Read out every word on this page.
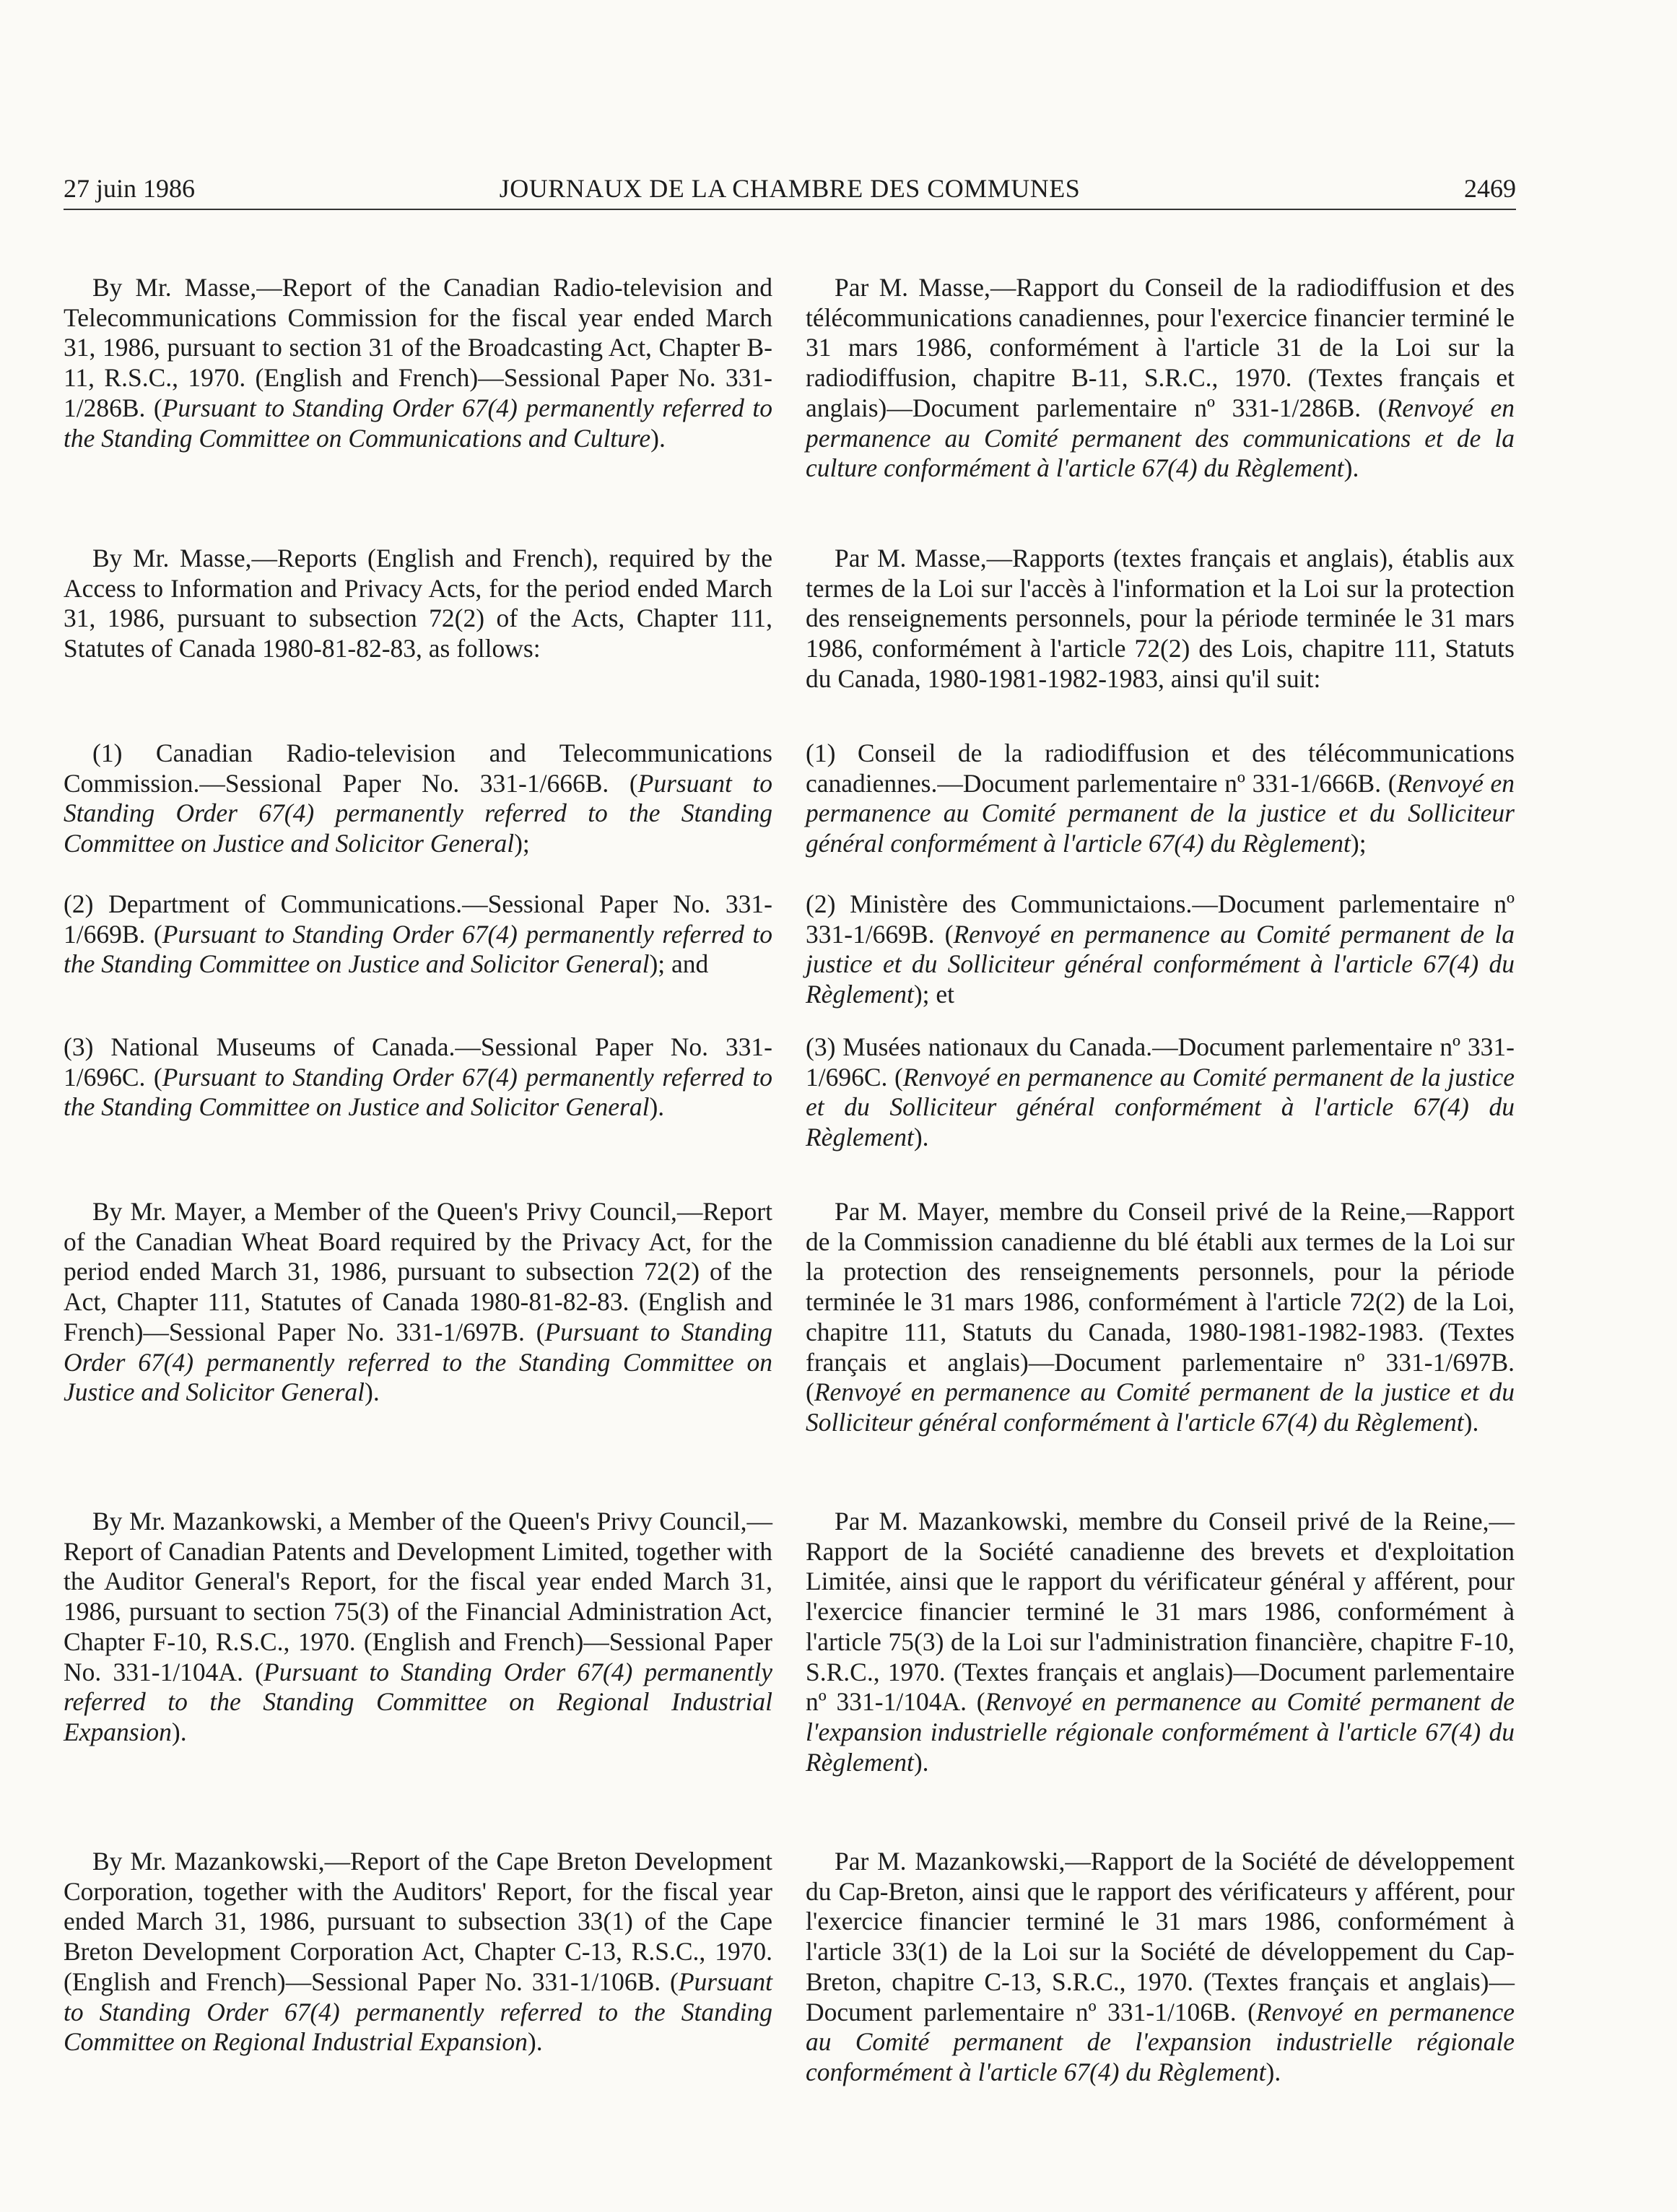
27 juin 1986	JOURNAUX DE LA CHAMBRE DES COMMUNES	2469

By Mr. Masse,—Report of the Canadian Radio-television and Telecommunications Commission for the fiscal year ended March 31, 1986, pursuant to section 31 of the Broadcasting Act, Chapter B-11, R.S.C., 1970. (English and French)—Sessional Paper No. 331-1/286B. (Pursuant to Standing Order 67(4) permanently referred to the Standing Committee on Communications and Culture).

By Mr. Masse,—Reports (English and French), required by the Access to Information and Privacy Acts, for the period ended March 31, 1986, pursuant to subsection 72(2) of the Acts, Chapter 111, Statutes of Canada 1980-81-82-83, as follows:

(1) Canadian Radio-television and Telecommunications Commission.—Sessional Paper No. 331-1/666B. (Pursuant to Standing Order 67(4) permanently referred to the Standing Committee on Justice and Solicitor General);

(2) Department of Communications.—Sessional Paper No. 331-1/669B. (Pursuant to Standing Order 67(4) permanently referred to the Standing Committee on Justice and Solicitor General); and

(3) National Museums of Canada.—Sessional Paper No. 331-1/696C. (Pursuant to Standing Order 67(4) permanently referred to the Standing Committee on Justice and Solicitor General).

By Mr. Mayer, a Member of the Queen's Privy Council,—Report of the Canadian Wheat Board required by the Privacy Act, for the period ended March 31, 1986, pursuant to subsection 72(2) of the Act, Chapter 111, Statutes of Canada 1980-81-82-83. (English and French)—Sessional Paper No. 331-1/697B. (Pursuant to Standing Order 67(4) permanently referred to the Standing Committee on Justice and Solicitor General).

By Mr. Mazankowski, a Member of the Queen's Privy Council,—Report of Canadian Patents and Development Limited, together with the Auditor General's Report, for the fiscal year ended March 31, 1986, pursuant to section 75(3) of the Financial Administration Act, Chapter F-10, R.S.C., 1970. (English and French)—Sessional Paper No. 331-1/104A. (Pursuant to Standing Order 67(4) permanently referred to the Standing Committee on Regional Industrial Expansion).

By Mr. Mazankowski,—Report of the Cape Breton Development Corporation, together with the Auditors' Report, for the fiscal year ended March 31, 1986, pursuant to subsection 33(1) of the Cape Breton Development Corporation Act, Chapter C-13, R.S.C., 1970. (English and French)—Sessional Paper No. 331-1/106B. (Pursuant to Standing Order 67(4) permanently referred to the Standing Committee on Regional Industrial Expansion).

Par M. Masse,—Rapport du Conseil de la radiodiffusion et des télécommunications canadiennes, pour l'exercice financier terminé le 31 mars 1986, conformément à l'article 31 de la Loi sur la radiodiffusion, chapitre B-11, S.R.C., 1970. (Textes français et anglais)—Document parlementaire nº 331-1/286B. (Renvoyé en permanence au Comité permanent des communications et de la culture conformément à l'article 67(4) du Règlement).

Par M. Masse,—Rapports (textes français et anglais), établis aux termes de la Loi sur l'accès à l'information et la Loi sur la protection des renseignements personnels, pour la période terminée le 31 mars 1986, conformément à l'article 72(2) des Lois, chapitre 111, Statuts du Canada, 1980-1981-1982-1983, ainsi qu'il suit:

(1) Conseil de la radiodiffusion et des télécommunications canadiennes.—Document parlementaire nº 331-1/666B. (Renvoyé en permanence au Comité permanent de la justice et du Solliciteur général conformément à l'article 67(4) du Règlement);

(2) Ministère des Communictaions.—Document parlementaire nº 331-1/669B. (Renvoyé en permanence au Comité permanent de la justice et du Solliciteur général conformément à l'article 67(4) du Règlement); et

(3) Musées nationaux du Canada.—Document parlementaire nº 331-1/696C. (Renvoyé en permanence au Comité permanent de la justice et du Solliciteur général conformément à l'article 67(4) du Règlement).

Par M. Mayer, membre du Conseil privé de la Reine,—Rapport de la Commission canadienne du blé établi aux termes de la Loi sur la protection des renseignements personnels, pour la période terminée le 31 mars 1986, conformément à l'article 72(2) de la Loi, chapitre 111, Statuts du Canada, 1980-1981-1982-1983. (Textes français et anglais)—Document parlementaire nº 331-1/697B. (Renvoyé en permanence au Comité permanent de la justice et du Solliciteur général conformément à l'article 67(4) du Règlement).

Par M. Mazankowski, membre du Conseil privé de la Reine,—Rapport de la Société canadienne des brevets et d'exploitation Limitée, ainsi que le rapport du vérificateur général y afférent, pour l'exercice financier terminé le 31 mars 1986, conformément à l'article 75(3) de la Loi sur l'administration financière, chapitre F-10, S.R.C., 1970. (Textes français et anglais)—Document parlementaire nº 331-1/104A. (Renvoyé en permanence au Comité permanent de l'expansion industrielle régionale conformément à l'article 67(4) du Règlement).

Par M. Mazankowski,—Rapport de la Société de développement du Cap-Breton, ainsi que le rapport des vérificateurs y afférent, pour l'exercice financier terminé le 31 mars 1986, conformément à l'article 33(1) de la Loi sur la Société de développement du Cap-Breton, chapitre C-13, S.R.C., 1970. (Textes français et anglais)—Document parlementaire nº 331-1/106B. (Renvoyé en permanence au Comité permanent de l'expansion industrielle régionale conformément à l'article 67(4) du Règlement).
